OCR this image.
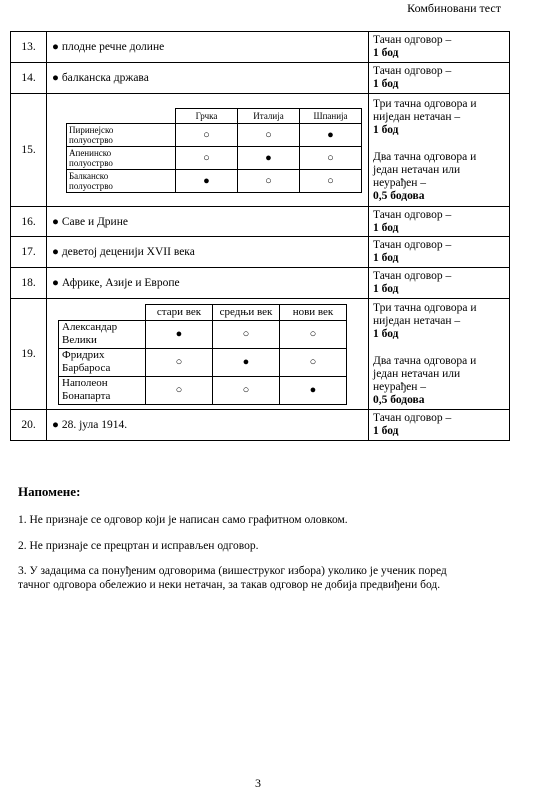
Комбиновани тест
13.	● плодне речне долине	
Тачан одговор –
1 бод

14.	● балканска држава	
Тачан одговор –
1 бод

15.	
	Грчка	Италија	Шпанија
Пиринејско
полуострво	○	○	●
Апенинско
полуострво	○	●	○
Балканско
полуострво	●	○	○

Три тачна одговора и
ниједан нетачан –
1 бод
Два тачна одговора и
један нетачан или
неурађен –
0,5 бодова

16.	● Саве и Дрине	
Тачан одговор –
1 бод

17.	● деветој деценији XVII века	
Тачан одговор –
1 бод

18.	● Африке, Азије и Европе	
Тачан одговор –
1 бод

19.	
	стари век	средњи век	нови век
Александар
Велики	●	○	○
Фридрих
Барбароса	○	●	○
Наполеон
Бонапарта	○	○	●

Три тачна одговора и
ниједан нетачан –
1 бод
Два тачна одговора и
један нетачан или
неурађен –
0,5 бодова

20.	● 28. јула 1914.	
Тачан одговор –
1 бод
Напомене:
1. Не признаје се одговор који је написан само графитном оловком.
2. Не признаје се прецртан и исправљен одговор.
3. У задацима са понуђеним одговорима (вишеструког избора) уколико је ученик поред
тачног одговора обележио и неки нетачан, за такав одговор не добија предвиђени бод.
3
